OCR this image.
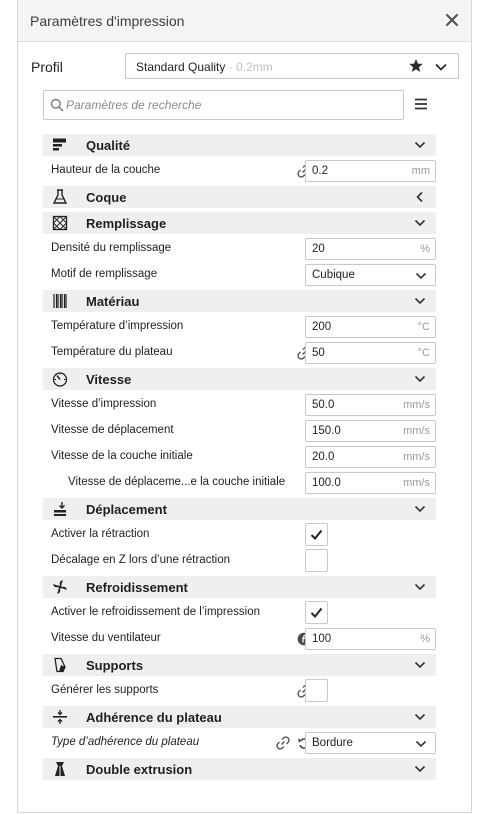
Paramètres d'impression
Profil	Standard Quality - 0.2mm
Paramètres de recherche
Qualité
Hauteur de la couche	0.2	mm
Coque
Remplissage
Densité du remplissage	20	%
Motif de remplissage	Cubique
Matériau
Température d’impression	200	°C
Température du plateau	50	°C
Vitesse
Vitesse d’impression	50.0	mm/s
Vitesse de déplacement	150.0	mm/s
Vitesse de la couche initiale	20.0	mm/s
Vitesse de déplaceme...e la couche initiale 100.0	mm/s
Déplacement
Activer la rétraction
Décalage en Z lors d’une rétraction
Refroidissement
Activer le refroidissement de l’impression
Vitesse du ventilateur	100	%
Supports
Générer les supports
Adhérence du plateau
Type d’adhérence du plateau	Bordure
Double extrusion
